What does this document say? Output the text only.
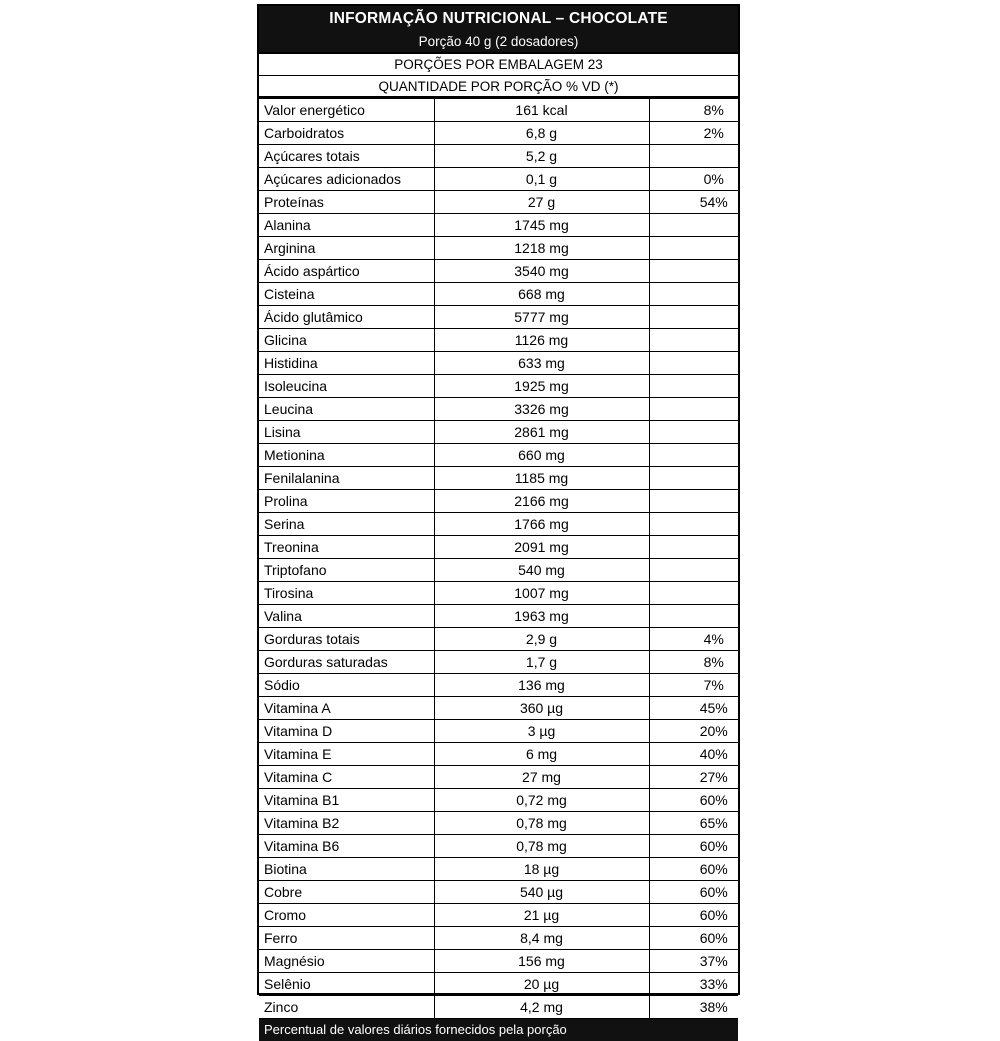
INFORMAÇÃO NUTRICIONAL – CHOCOLATE
Porção 40 g (2 dosadores)
PORÇÕES POR EMBALAGEM 23
QUANTIDADE POR PORÇÃO % VD (*)
Valor energético	161 kcal	8%
Carboidratos	6,8 g	2%
Açúcares totais	5,2 g	
Açúcares adicionados	0,1 g	0%
Proteínas	27 g	54%
Alanina	1745 mg	
Arginina	1218 mg	
Ácido aspártico	3540 mg	
Cisteina	668 mg	
Ácido glutâmico	5777 mg	
Glicina	1126 mg	
Histidina	633 mg	
Isoleucina	1925 mg	
Leucina	3326 mg	
Lisina	2861 mg	
Metionina	660 mg	
Fenilalanina	1185 mg	
Prolina	2166 mg	
Serina	1766 mg	
Treonina	2091 mg	
Triptofano	540 mg	
Tirosina	1007 mg	
Valina	1963 mg	
Gorduras totais	2,9 g	4%
Gorduras saturadas	1,7 g	8%
Sódio	136 mg	7%
Vitamina A	360 µg	45%
Vitamina D	3 µg	20%
Vitamina E	6 mg	40%
Vitamina C	27 mg	27%
Vitamina B1	0,72 mg	60%
Vitamina B2	0,78 mg	65%
Vitamina B6	0,78 mg	60%
Biotina	18 µg	60%
Cobre	540 µg	60%
Cromo	21 µg	60%
Ferro	8,4 mg	60%
Magnésio	156 mg	37%
Selênio	20 µg	33%
Zinco	4,2 mg	38%
Percentual de valores diários fornecidos pela porção
